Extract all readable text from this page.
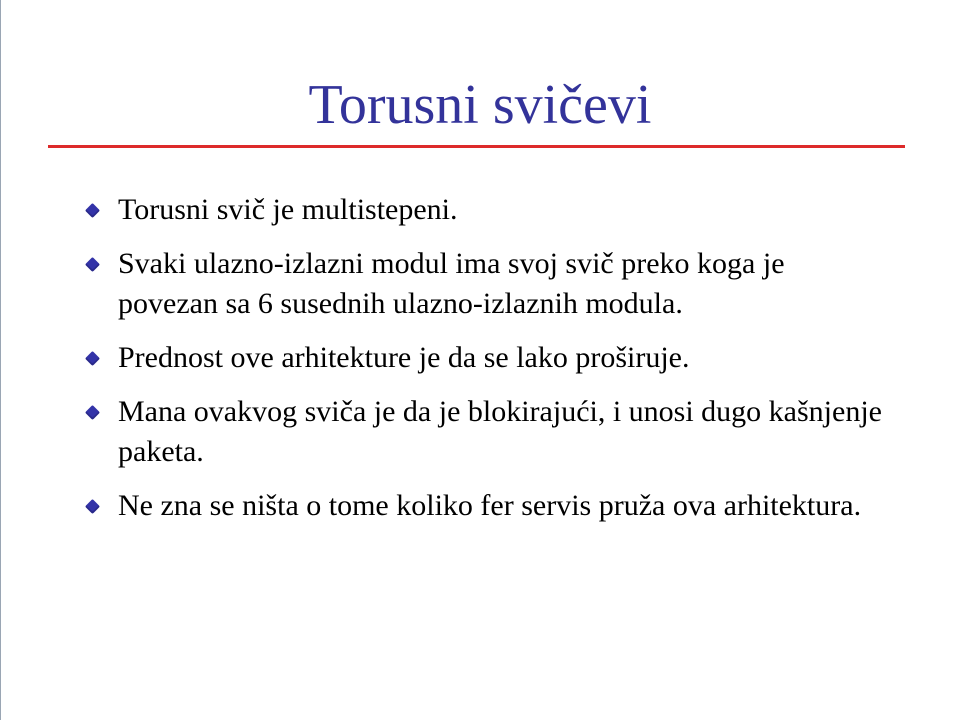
Torusni svičevi
Torusni svič je multistepeni.
Svaki ulazno-izlazni modul ima svoj svič preko koga je povezan sa 6 susednih ulazno-izlaznih modula.
Prednost ove arhitekture je da se lako proširuje.
Mana ovakvog sviča je da je blokirajući, i unosi dugo kašnjenje paketa.
Ne zna se ništa o tome koliko fer servis pruža ova arhitektura.
